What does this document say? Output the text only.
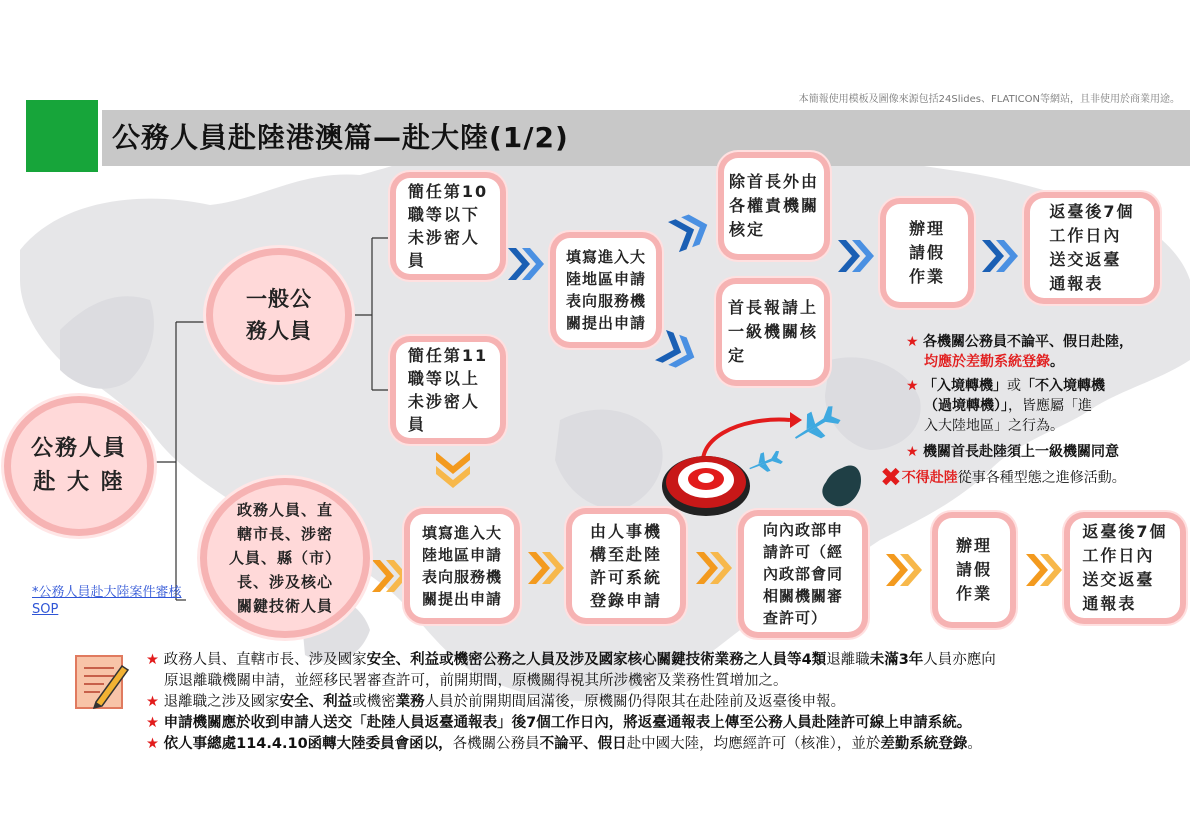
本簡報使用模板及圖像來源包括24Slides、FLATICON等網站，且非使用於商業用途。
公務人員赴陸港澳篇—赴大陸(1/2)
公務人員
赴 大 陸
一般公
務人員
政務人員、直
轄市長、涉密
人員、縣（市）
長、涉及核心
關鍵技術人員
簡任第10
職等以下
未涉密人
員
簡任第11
職等以上
未涉密人
員
填寫進入大
陸地區申請
表向服務機
關提出申請
除首長外由
各權責機關
核定
首長報請上
一級機關核
定
辦理
請假
作業
返臺後7個
工作日內
送交返臺
通報表
填寫進入大
陸地區申請
表向服務機
關提出申請
由人事機
構至赴陸
許可系統
登錄申請
向內政部申
請許可（經
內政部會同
相關機關審
查許可）
辦理
請假
作業
返臺後7個
工作日內
送交返臺
通報表
★ 各機關公務員不論平、假日赴陸，
均應於差勤系統登錄。
★ 「入境轉機」或「不入境轉機
（過境轉機）」，皆應屬「進
入大陸地區」之行為。
★ 機關首長赴陸須上一級機關同意
✖不得赴陸從事各種型態之進修活動。
*公務人員赴大陸案件審核SOP
★ 政務人員、直轄市長、涉及國家安全、利益或機密公務之人員及涉及國家核心關鍵技術業務之人員等4類退離職未滿3年人員亦應向
原退離職機關申請，並經移民署審查許可，前開期間，原機關得視其所涉機密及業務性質增加之。
★ 退離職之涉及國家安全、利益或機密業務人員於前開期間屆滿後，原機關仍得限其在赴陸前及返臺後申報。
★ 申請機關應於收到申請人送交「赴陸人員返臺通報表」後7個工作日內，將返臺通報表上傳至公務人員赴陸許可線上申請系統。
★ 依人事總處114.4.10函轉大陸委員會函以，各機關公務員不論平、假日赴中國大陸，均應經許可（核准），並於差勤系統登錄。
